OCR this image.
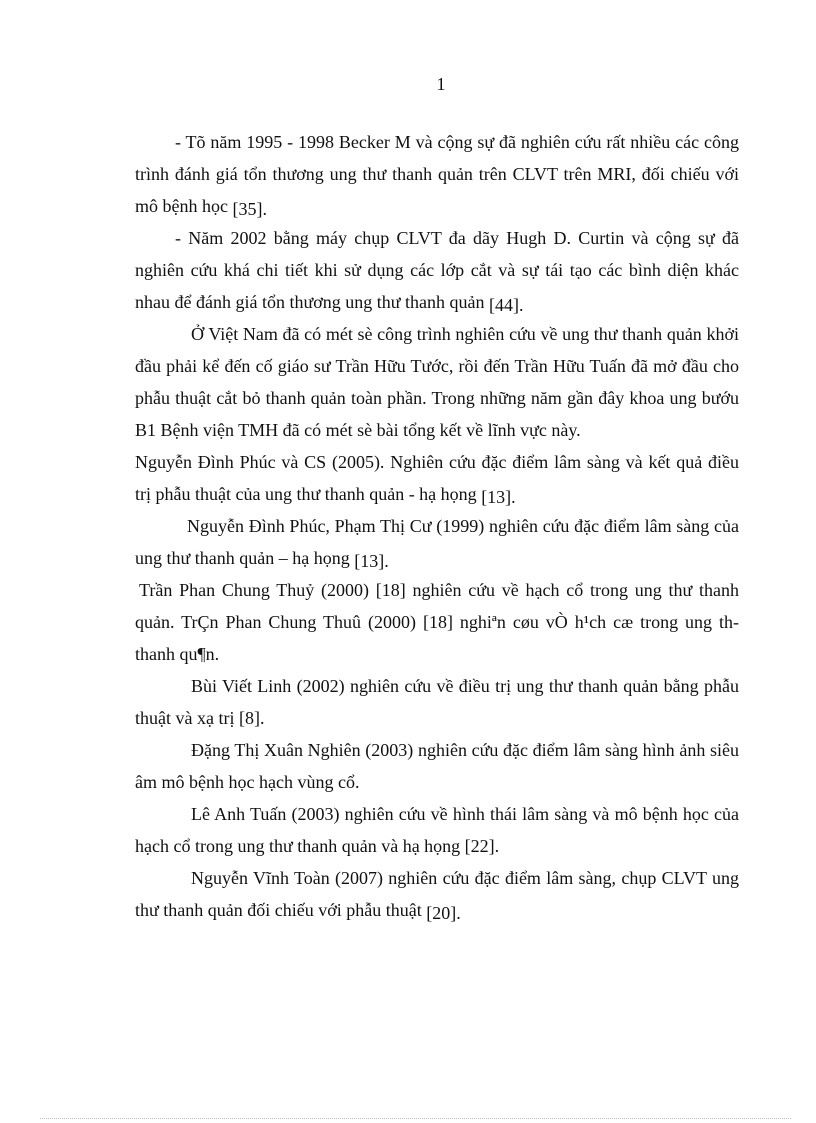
1

- Tõ năm 1995 - 1998 Becker M và cộng sự đã nghiên cứu rất nhiều các công trình đánh giá tổn thương ung thư thanh quản trên CLVT trên MRI, đối chiếu với mô bệnh học [35].

- Năm 2002 bằng máy chụp CLVT đa dãy Hugh D. Curtin và cộng sự đã nghiên cứu khá chi tiết khi sử dụng các lớp cắt và sự tái tạo các bình diện khác nhau để đánh giá tổn thương ung thư thanh quản [44].

Ở Việt Nam đã có mét sè công trình nghiên cứu về ung thư thanh quản khởi đầu phải kể đến cố giáo sư Trần Hữu Tước, rồi đến Trần Hữu Tuấn đã mở đầu cho phẫu thuật cắt bỏ thanh quản toàn phần. Trong những năm gần đây khoa ung bướu B1 Bệnh viện TMH đã có mét sè bài tổng kết về lĩnh vực này.

Nguyễn Đình Phúc và CS (2005). Nghiên cứu đặc điểm lâm sàng và kết quả điều trị phẫu thuật của ung thư thanh quản - hạ họng [13].

Nguyễn Đình Phúc, Phạm Thị Cư (1999) nghiên cứu đặc điểm lâm sàng của ung thư thanh quản – hạ họng [13].

Trần Phan Chung Thuỷ (2000) [18] nghiên cứu về hạch cổ trong ung thư thanh quản. TrÇn Phan Chung Thuû (2000) [18] nghiªn cøu vÒ h¹ch cæ trong ung th thanh qu¶n.

Bùi Viết Linh (2002) nghiên cứu về điều trị ung thư thanh quản bằng phẫu thuật và xạ trị [8].

Đặng Thị Xuân Nghiên (2003) nghiên cứu đặc điểm lâm sàng hình ảnh siêu âm mô bệnh học hạch vùng cổ.

Lê Anh Tuấn (2003) nghiên cứu về hình thái lâm sàng và mô bệnh học của hạch cổ trong ung thư thanh quản và hạ họng [22].

Nguyễn Vĩnh Toàn (2007) nghiên cứu đặc điểm lâm sàng, chụp CLVT ung thư thanh quản đối chiếu với phẫu thuật [20].
